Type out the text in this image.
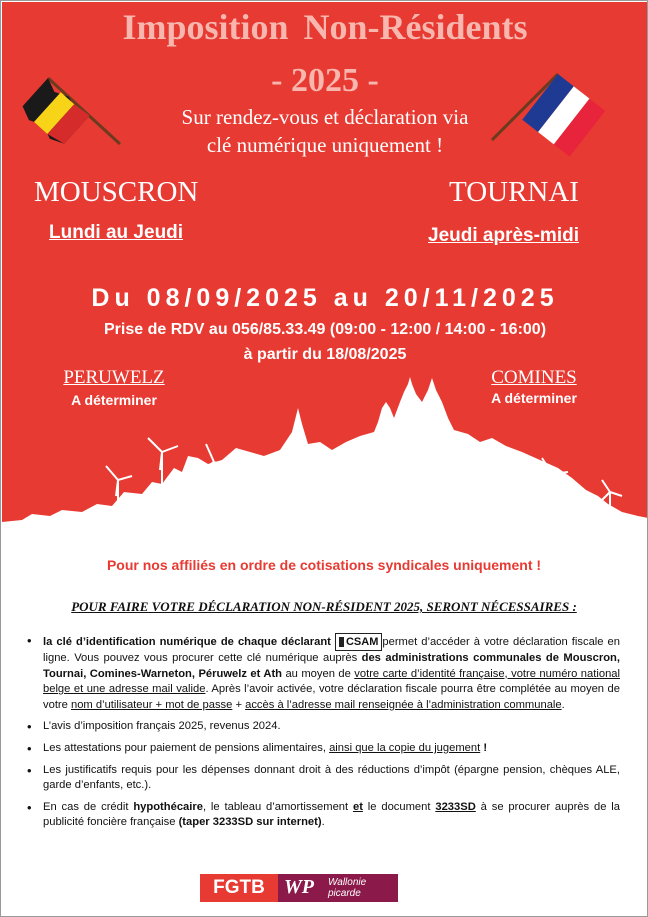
Imposition Non-Résidents
- 2025 -
Sur rendez-vous et déclaration via
clé numérique uniquement !
MOUSCRON
Lundi au Jeudi
TOURNAI
Jeudi après-midi
Du 08/09/2025 au 20/11/2025
Prise de RDV au 056/85.33.49 (09:00 - 12:00 / 14:00 - 16:00)
à partir du 18/08/2025
PERUWELZ
A déterminer
COMINES
A déterminer
Pour nos affiliés en ordre de cotisations syndicales uniquement !
POUR FAIRE VOTRE DÉCLARATION NON-RÉSIDENT 2025, SERONT NÉCESSAIRES :
• la clé d’identification numérique de chaque déclarant CSAM permet d’accéder à votre déclaration fiscale en ligne. Vous pouvez vous procurer cette clé numérique auprès des administrations communales de Mouscron, Tournai, Comines-Warneton, Péruwelz et Ath au moyen de votre carte d’identité française, votre numéro national belge et une adresse mail valide. Après l’avoir activée, votre déclaration fiscale pourra être complétée au moyen de votre nom d’utilisateur + mot de passe + accès à l’adresse mail renseignée à l’administration communale.
• L’avis d’imposition français 2025, revenus 2024.
• Les attestations pour paiement de pensions alimentaires, ainsi que la copie du jugement !
• Les justificatifs requis pour les dépenses donnant droit à des réductions d’impôt (épargne pension, chèques ALE, garde d’enfants, etc.).
• En cas de crédit hypothécaire, le tableau d’amortissement et le document 3233SD à se procurer auprès de la publicité foncière française (taper 3233SD sur internet).
FGTB WP Wallonie
picarde
